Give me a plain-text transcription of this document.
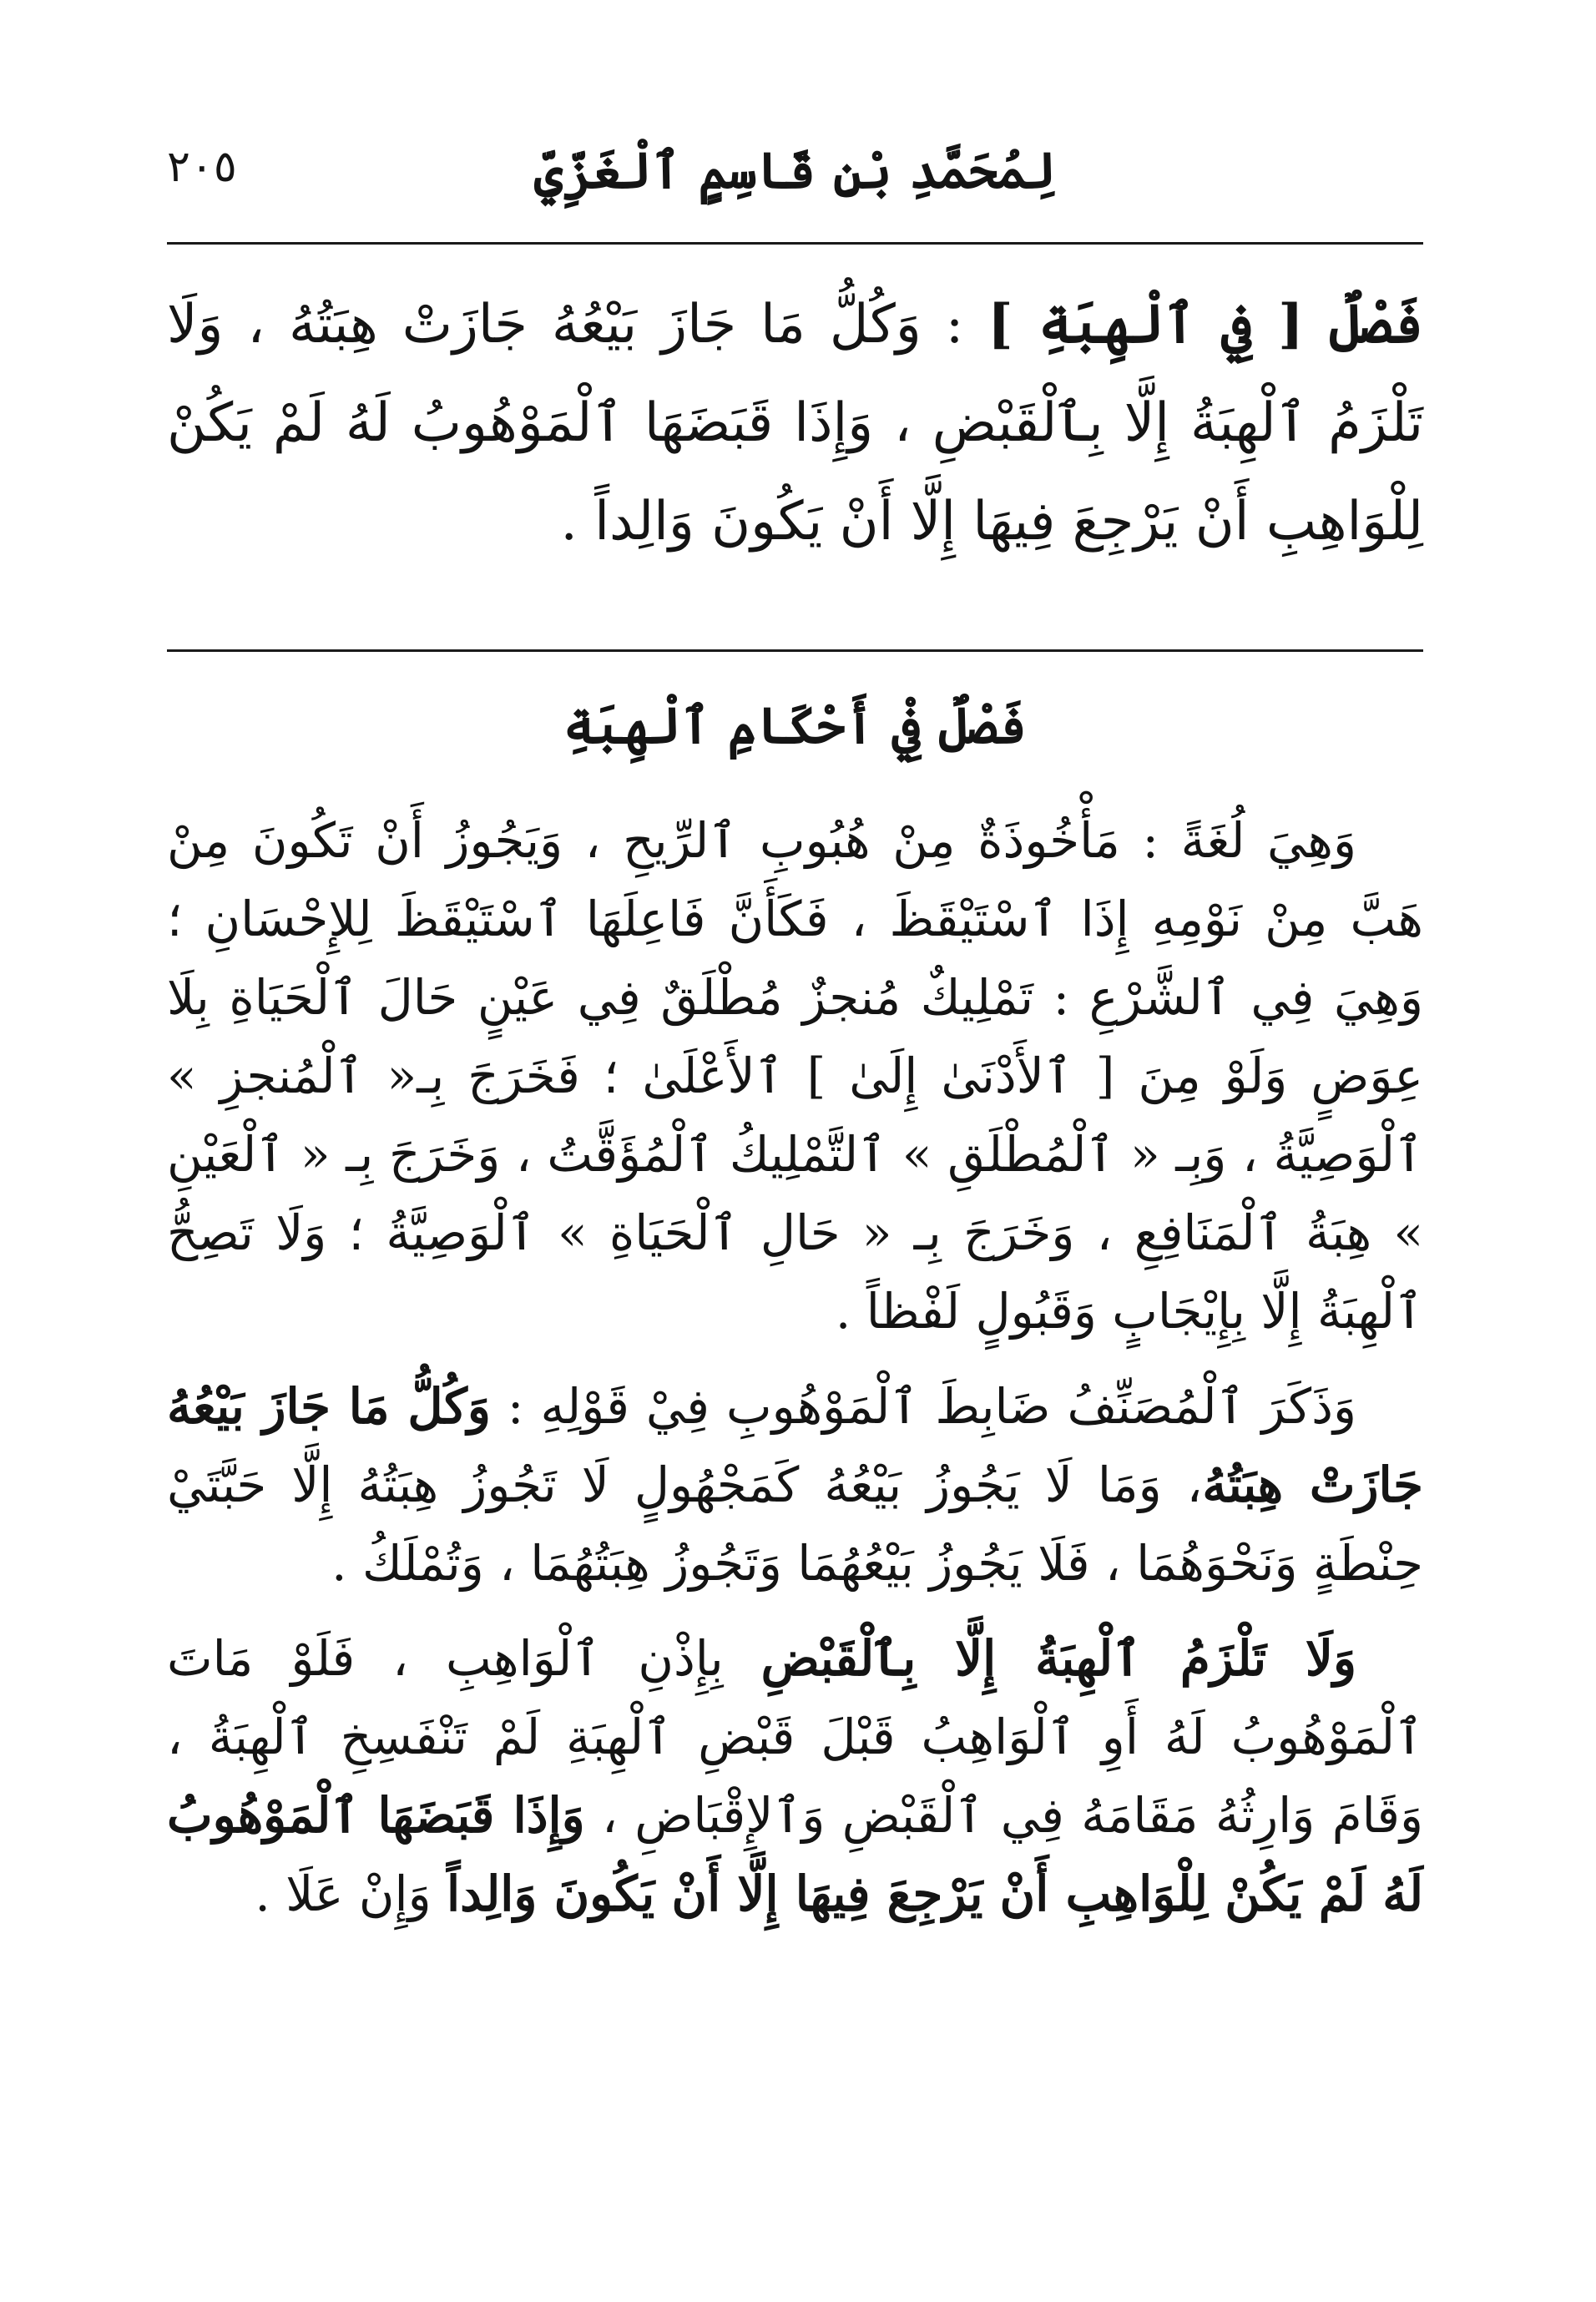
٢٠٥	لِمُحَمَّدِ بْنِ قَاسِمٍ ٱلْغَزِّيِّ
فَصْلٌ [ فِي ٱلْهِبَةِ ] : وَكُلُّ مَا جَازَ بَيْعُهُ جَازَتْ هِبَتُهُ ، وَلَا تَلْزَمُ ٱلْهِبَةُ إِلَّا بِٱلْقَبْضِ ، وَإِذَا قَبَضَهَا ٱلْمَوْهُوبُ لَهُ لَمْ يَكُنْ لِلْوَاهِبِ أَنْ يَرْجِعَ فِيهَا إِلَّا أَنْ يَكُونَ وَالِداً .
فَصْلٌ فِيْ أَحْكَامِ ٱلْهِبَةِ

وَهِيَ لُغَةً : مَأْخُوذَةٌ مِنْ هُبُوبِ ٱلرِّيحِ ، وَيَجُوزُ أَنْ تَكُونَ مِنْ هَبَّ مِنْ نَوْمِهِ إِذَا ٱسْتَيْقَظَ ، فَكَأَنَّ فَاعِلَهَا ٱسْتَيْقَظَ لِلإِحْسَانِ ؛ وَهِيَ فِي ٱلشَّرْعِ : تَمْلِيكٌ مُنجزٌ مُطْلَقٌ فِي عَيْنٍ حَالَ ٱلْحَيَاةِ بِلَا عِوَضٍ وَلَوْ مِنَ [ ٱلأَدْنَىٰ إِلَىٰ ] ٱلأَعْلَىٰ ؛ فَخَرَجَ بِـ« ٱلْمُنجزِ » ٱلْوَصِيَّةُ ، وَبِـ « ٱلْمُطْلَقِ » ٱلتَّمْلِيكُ ٱلْمُؤَقَّتُ ، وَخَرَجَ بِـ « ٱلْعَيْنِ » هِبَةُ ٱلْمَنَافِعِ ، وَخَرَجَ بِـ « حَالِ ٱلْحَيَاةِ » ٱلْوَصِيَّةُ ؛ وَلَا تَصِحُّ ٱلْهِبَةُ إِلَّا بِإِيْجَابٍ وَقَبُولٍ لَفْظاً .

وَذَكَرَ ٱلْمُصَنِّفُ ضَابِطَ ٱلْمَوْهُوبِ فِيْ قَوْلِهِ : وَكُلُّ مَا جَازَ بَيْعُهُ جَازَتْ هِبَتُهُ، وَمَا لَا يَجُوزُ بَيْعُهُ كَمَجْهُولٍ لَا تَجُوزُ هِبَتُهُ إِلَّا حَبَّتَيْ حِنْطَةٍ وَنَحْوَهُمَا ، فَلَا يَجُوزُ بَيْعُهُمَا وَتَجُوزُ هِبَتُهُمَا ، وَتُمْلَكُ .

وَلَا تَلْزَمُ ٱلْهِبَةُ إِلَّا بِٱلْقَبْضِ بِإِذْنِ ٱلْوَاهِبِ ، فَلَوْ مَاتَ ٱلْمَوْهُوبُ لَهُ أَوِ ٱلْوَاهِبُ قَبْلَ قَبْضِ ٱلْهِبَةِ لَمْ تَنْفَسِخِ ٱلْهِبَةُ ، وَقَامَ وَارِثُهُ مَقَامَهُ فِي ٱلْقَبْضِ وَٱلإِقْبَاضِ ، وَإِذَا قَبَضَهَا ٱلْمَوْهُوبُ لَهُ لَمْ يَكُنْ لِلْوَاهِبِ أَنْ يَرْجِعَ فِيهَا إِلَّا أَنْ يَكُونَ وَالِداً وَإِنْ عَلَا .
